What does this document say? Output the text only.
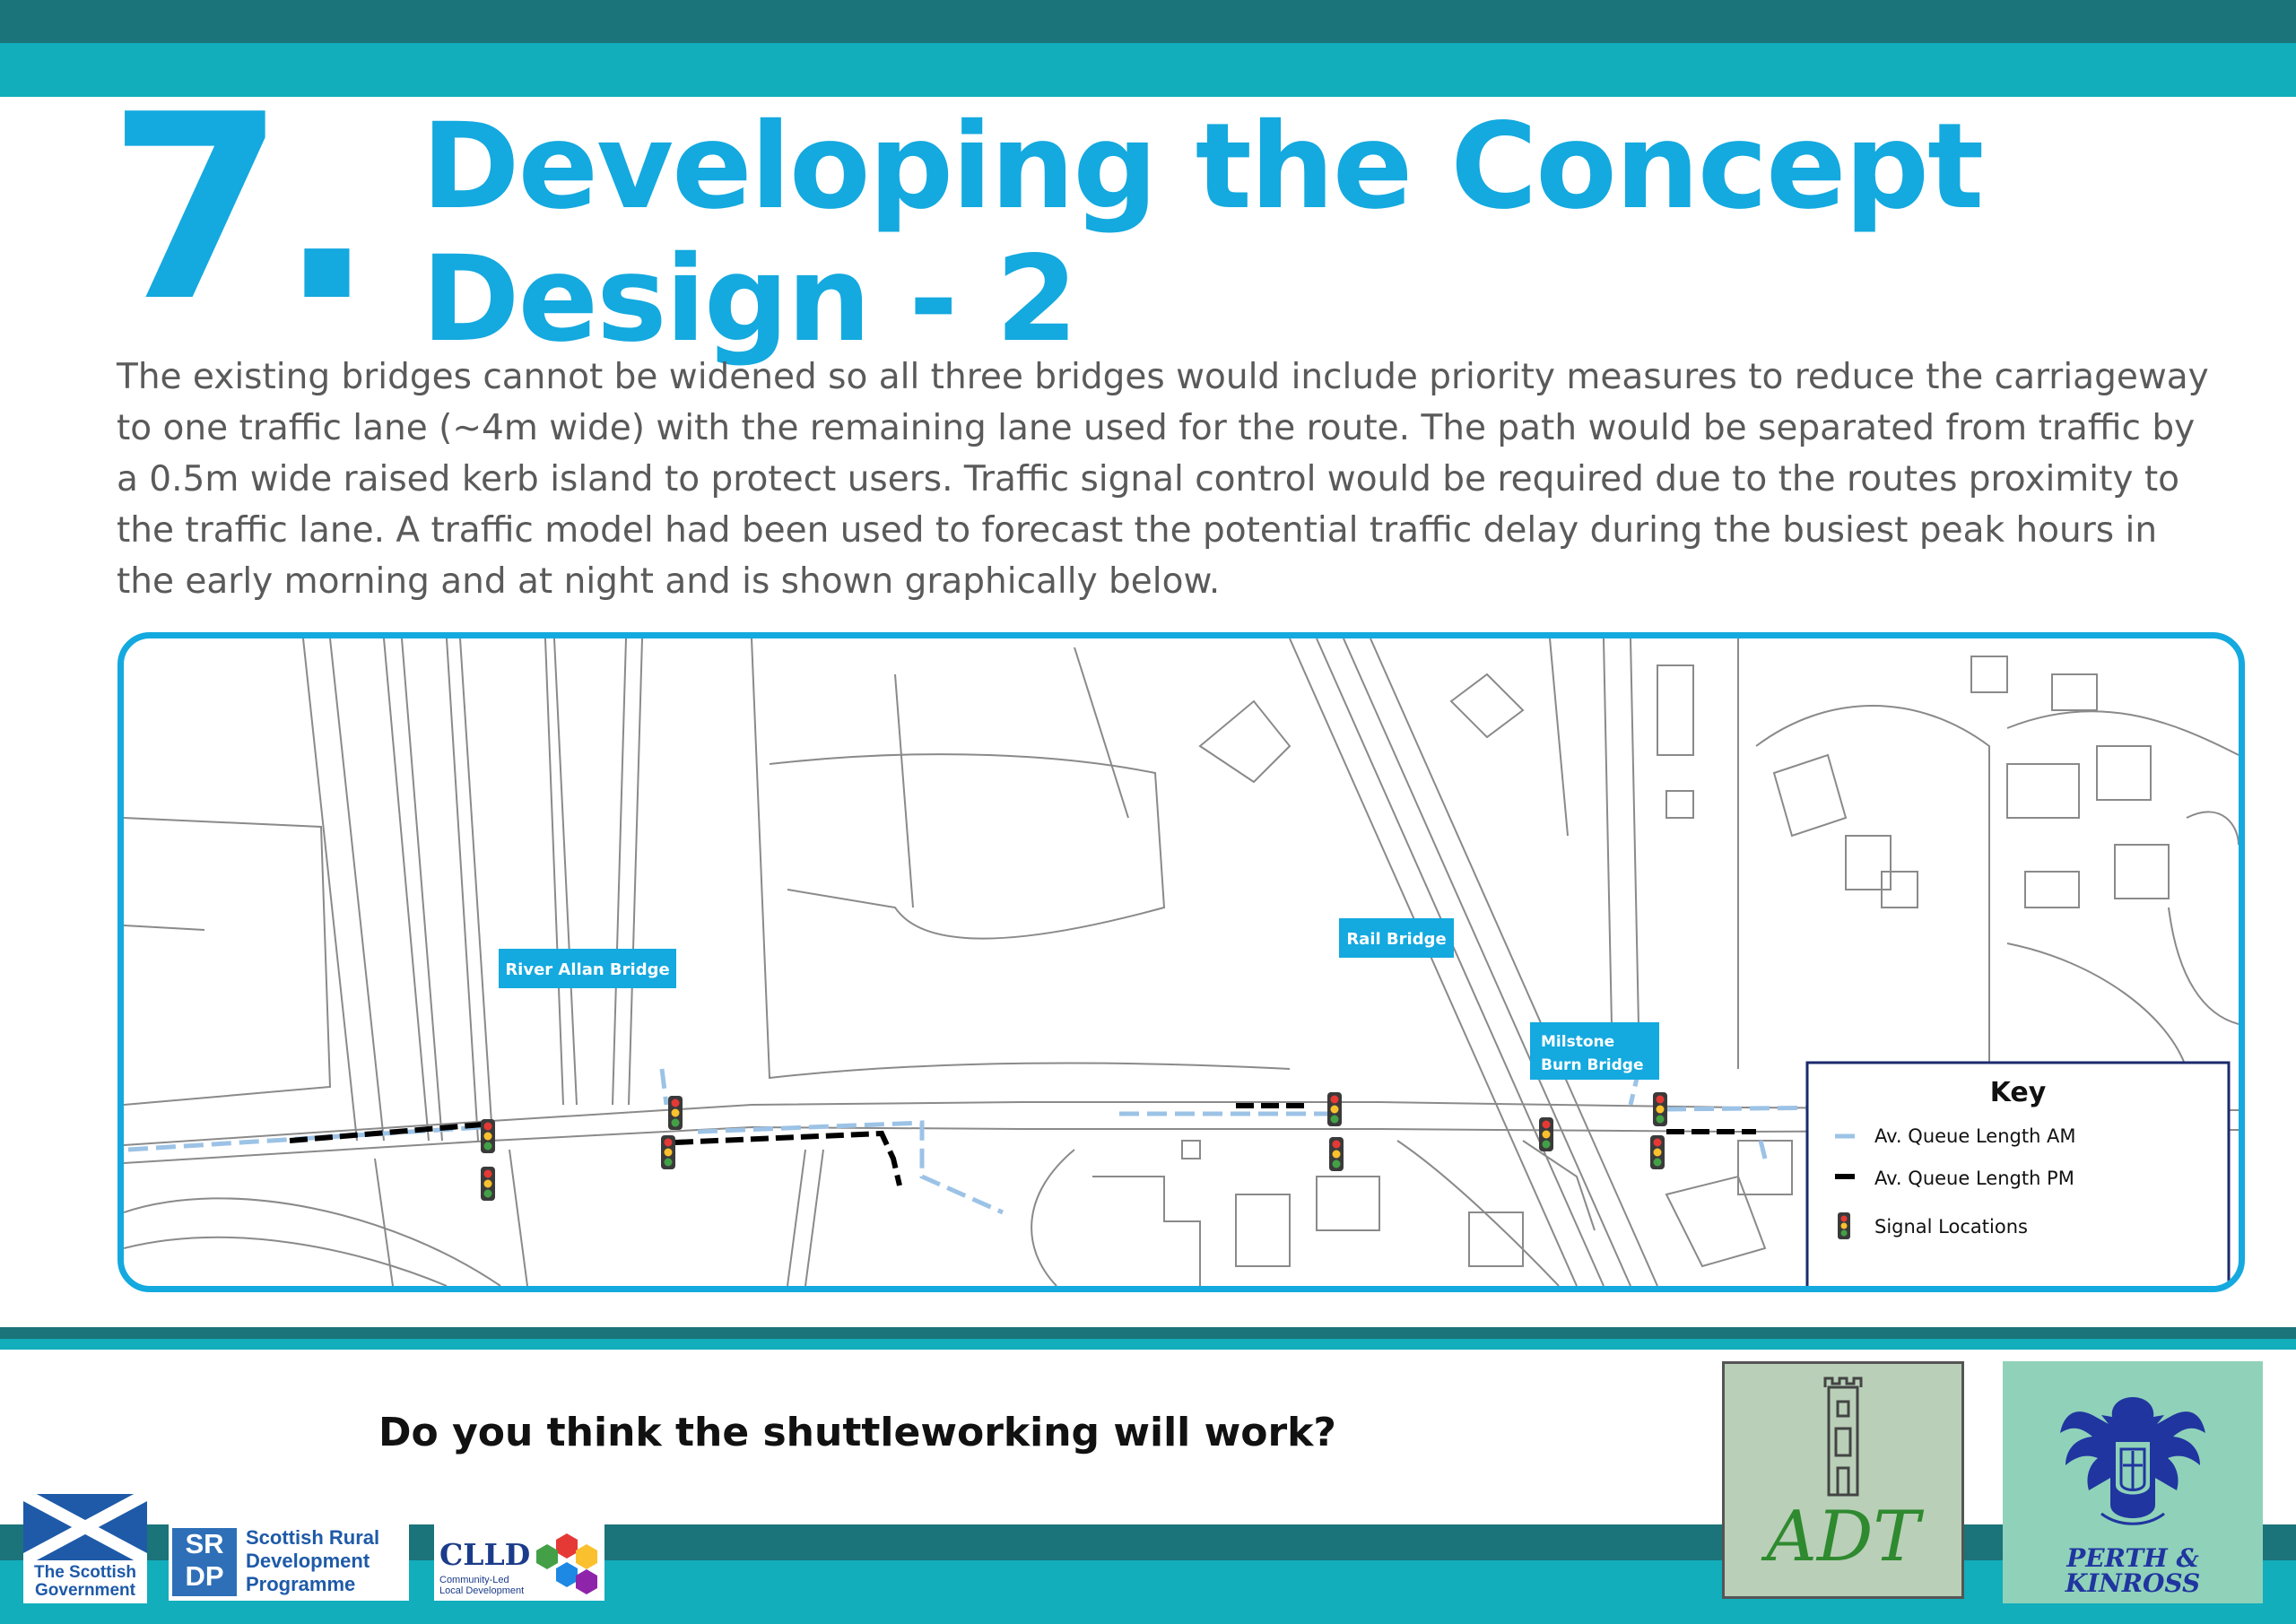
7. Developing the Concept
Design - 2

The existing bridges cannot be widened so all three bridges would include priority measures to reduce the carriageway to one traffic lane (~4m wide) with the remaining lane used for the route. The path would be separated from traffic by a 0.5m wide raised kerb island to protect users. Traffic signal control would be required due to the routes proximity to the traffic lane. A traffic model had been used to forecast the potential traffic delay during the busiest peak hours in the early morning and at night and is shown graphically below.

River Allan Bridge
Rail Bridge
Milstone
Burn Bridge
Key
Av. Queue Length AM
Av. Queue Length PM
Signal Locations
Do you think the shuttleworking will work?
The Scottish
Government
SR
DP
Scottish Rural
Development
Programme
CLLD
Community-Led
Local Development
ADT	PERTH &
KINROSS
